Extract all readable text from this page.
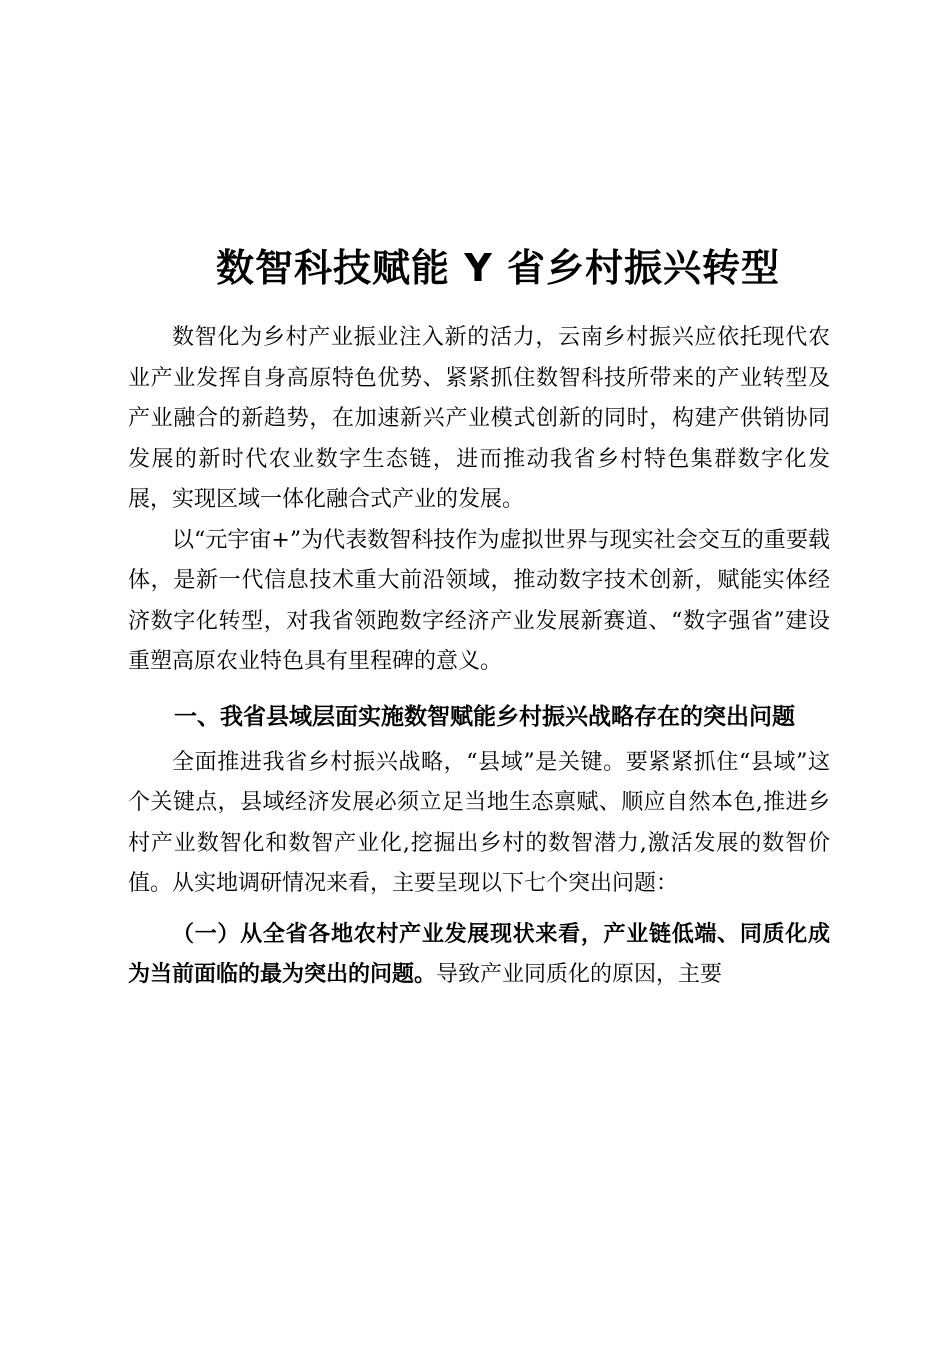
数智科技赋能 Y 省乡村振兴转型

数智化为乡村产业振业注入新的活力，云南乡村振兴应依托现代农业产业发挥自身高原特色优势、紧紧抓住数智科技所带来的产业转型及产业融合的新趋势，在加速新兴产业模式创新的同时，构建产供销协同发展的新时代农业数字生态链，进而推动我省乡村特色集群数字化发展，实现区域一体化融合式产业的发展。

以“元宇宙+”为代表数智科技作为虚拟世界与现实社会交互的重要载体，是新一代信息技术重大前沿领域，推动数字技术创新，赋能实体经济数字化转型，对我省领跑数字经济产业发展新赛道、“数字强省”建设重塑高原农业特色具有里程碑的意义。

一、我省县域层面实施数智赋能乡村振兴战略存在的突出问题

全面推进我省乡村振兴战略，“县域”是关键。要紧紧抓住“县域”这个关键点，县域经济发展必须立足当地生态禀赋、顺应自然本色,推进乡村产业数智化和数智产业化,挖掘出乡村的数智潜力,激活发展的数智价值。从实地调研情况来看，主要呈现以下七个突出问题：

（一）从全省各地农村产业发展现状来看，产业链低端、同质化成为当前面临的最为突出的问题。导致产业同质化的原因，主要
